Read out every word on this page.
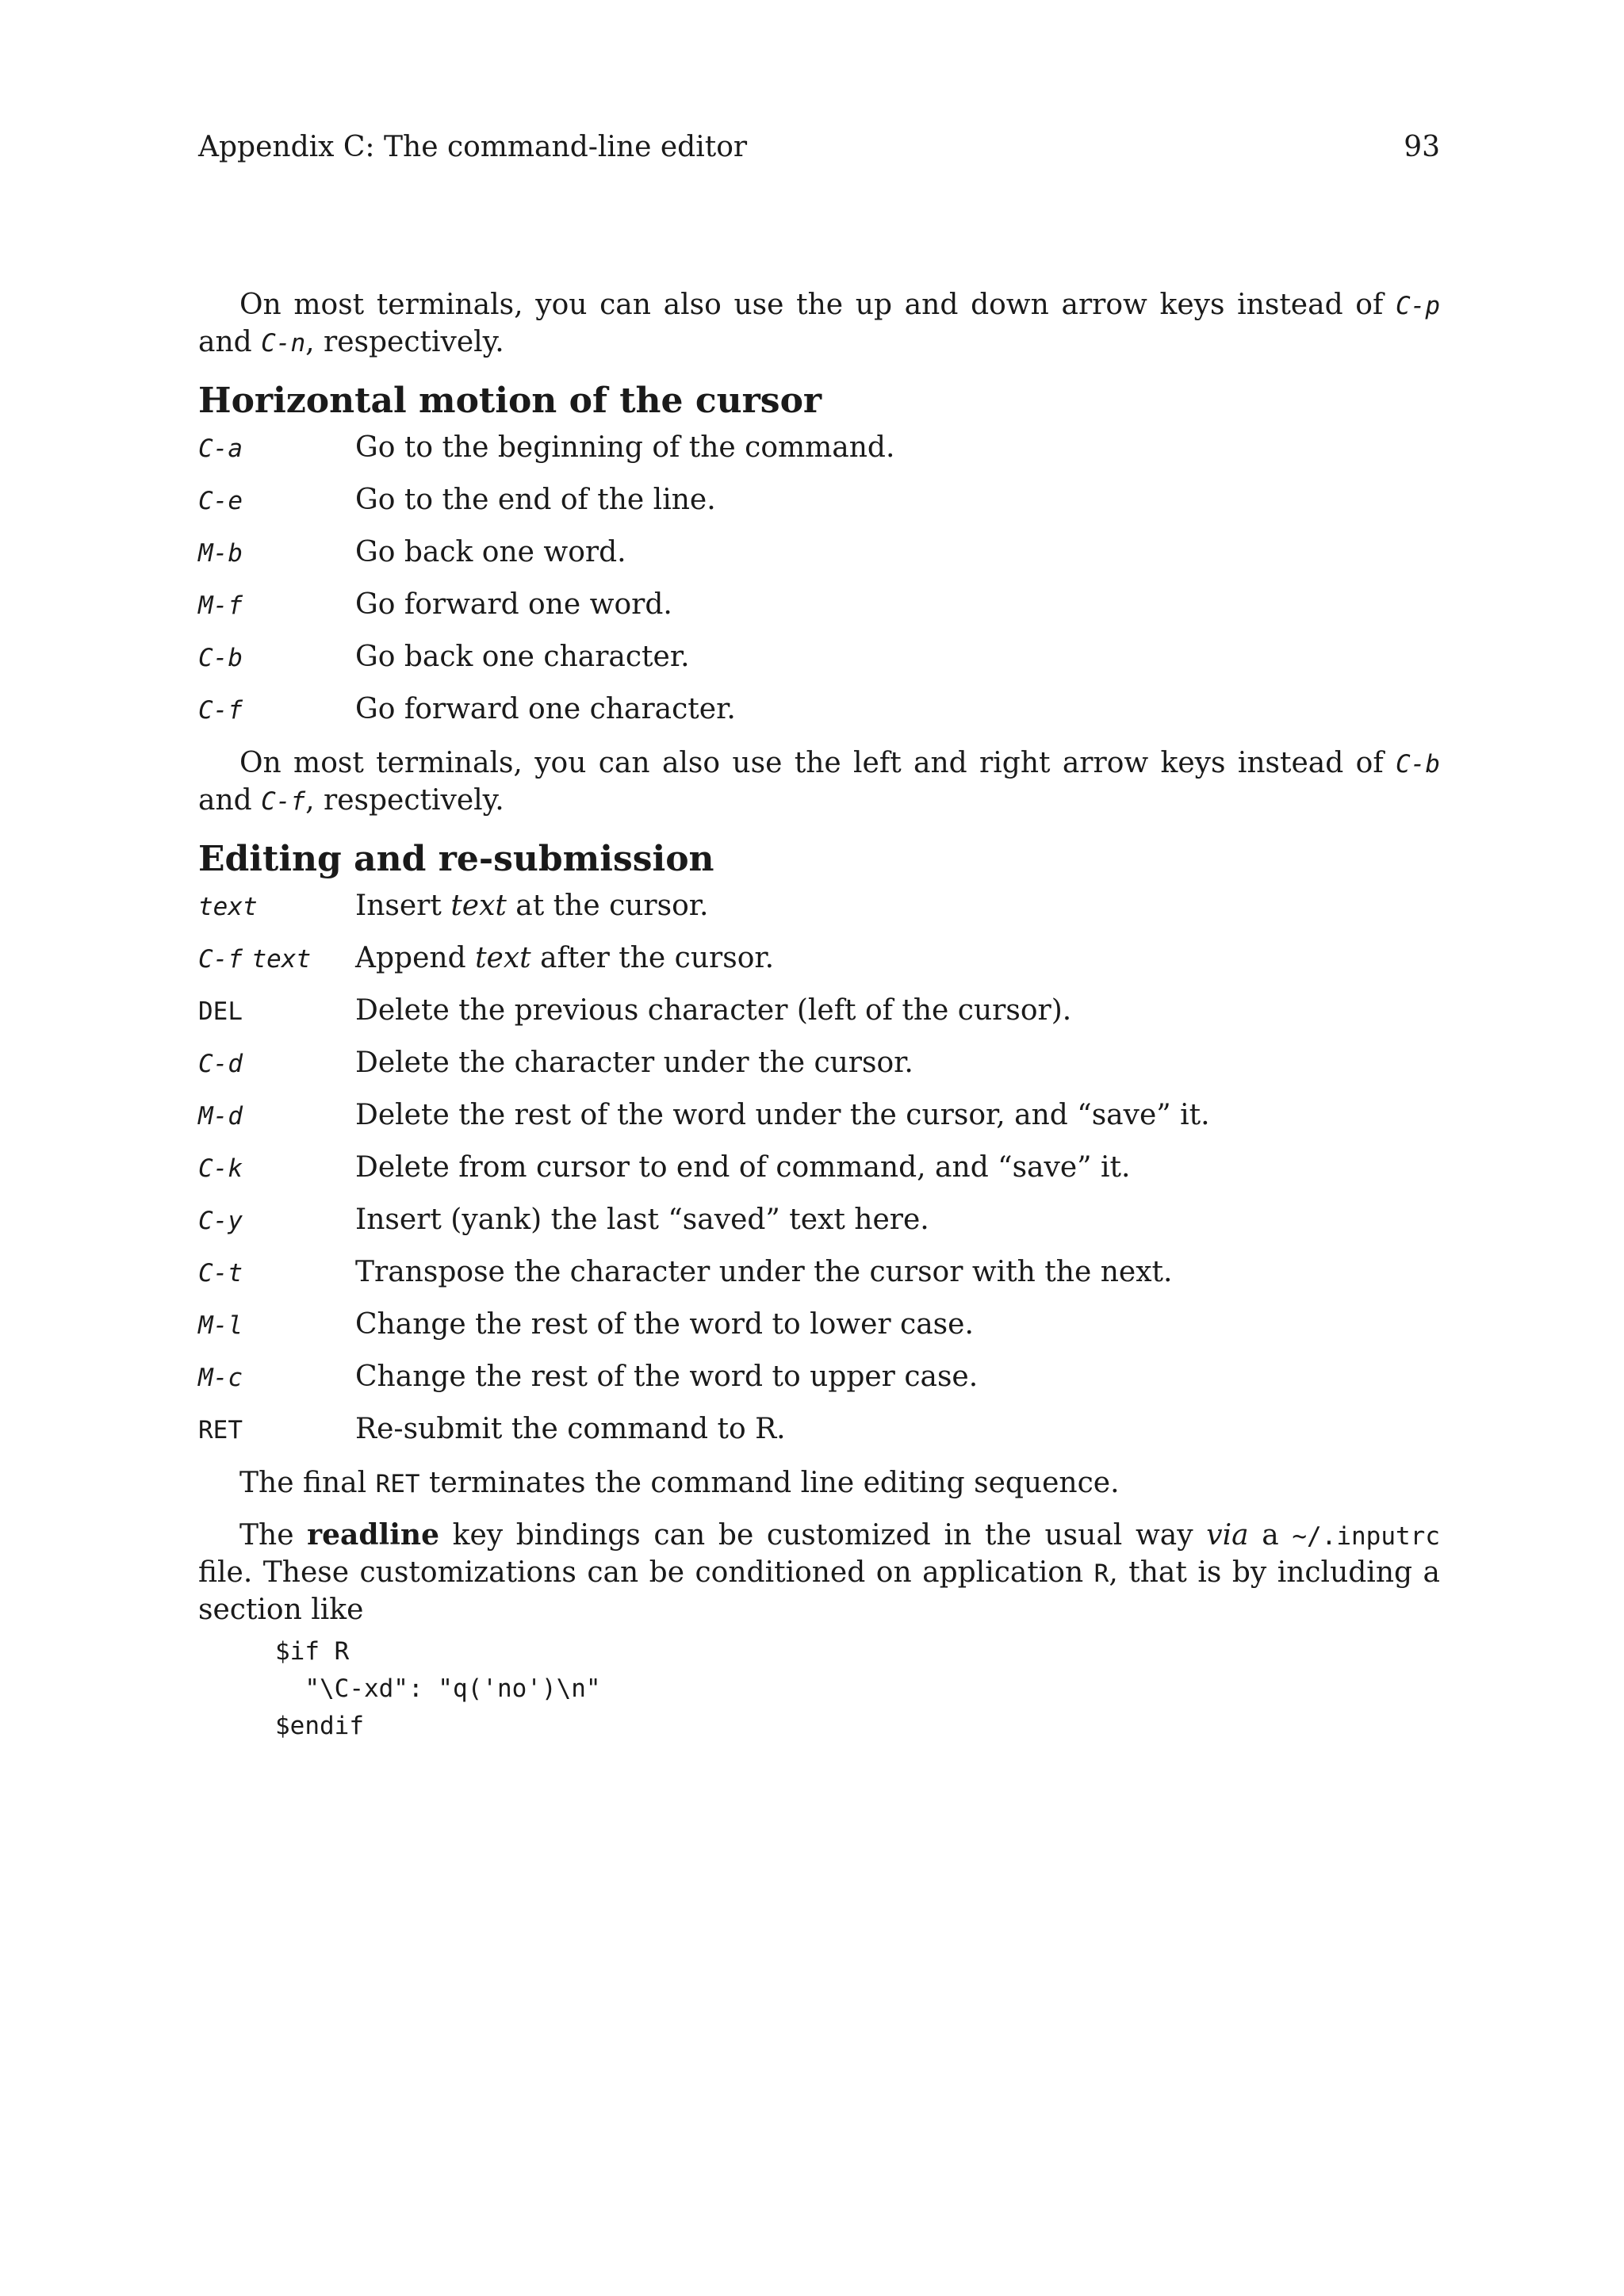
Appendix C: The command-line editor	93

On most terminals, you can also use the up and down arrow keys instead of C-p and C-n, respectively.

Horizontal motion of the cursor
C-a	Go to the beginning of the command.
C-e	Go to the end of the line.
M-b	Go back one word.
M-f	Go forward one word.
C-b	Go back one character.
C-f	Go forward one character.

On most terminals, you can also use the left and right arrow keys instead of C-b and C-f, respectively.

Editing and re-submission
text	Insert text at the cursor.
C-f text	Append text after the cursor.
DEL	Delete the previous character (left of the cursor).
C-d	Delete the character under the cursor.
M-d	Delete the rest of the word under the cursor, and “save” it.
C-k	Delete from cursor to end of command, and “save” it.
C-y	Insert (yank) the last “saved” text here.
C-t	Transpose the character under the cursor with the next.
M-l	Change the rest of the word to lower case.
M-c	Change the rest of the word to upper case.
RET	Re-submit the command to R.

The final RET terminates the command line editing sequence.

The readline key bindings can be customized in the usual way via a ~/.inputrc file. These customizations can be conditioned on application R, that is by including a section like

$if R
"\C-xd": "q('no')\n"
$endif
